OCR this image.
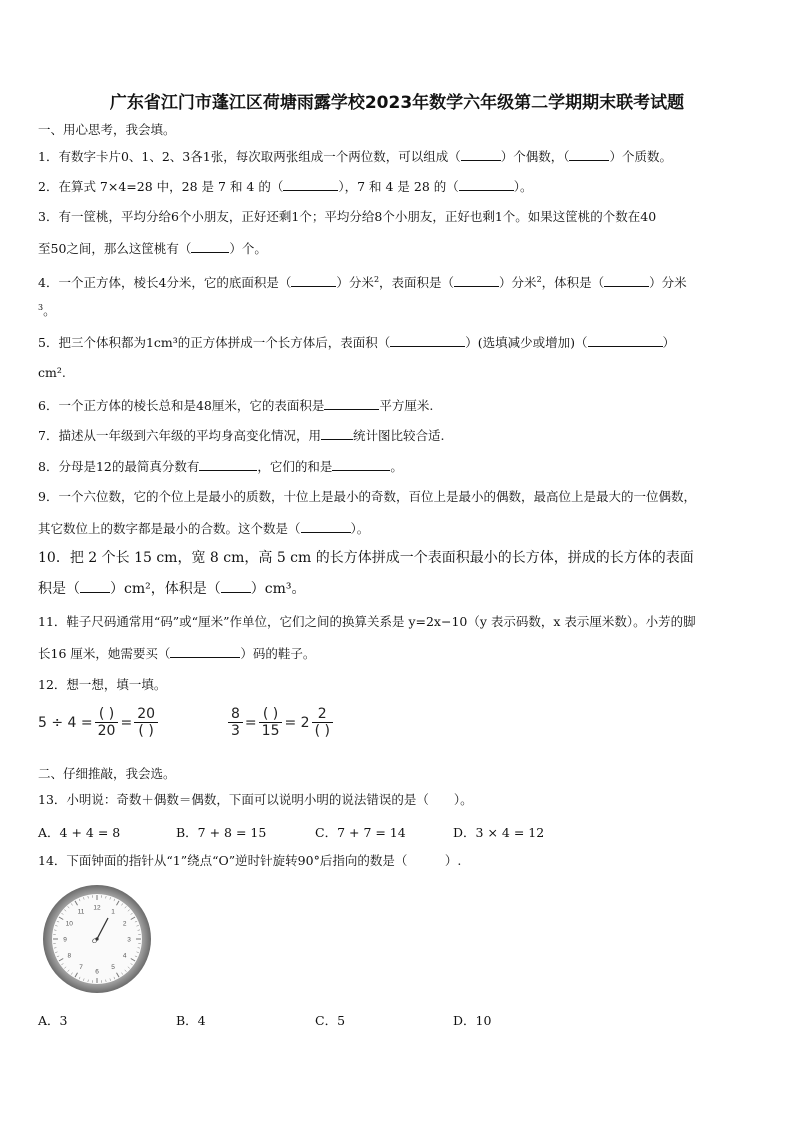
广东省江门市蓬江区荷塘雨露学校2023年数学六年级第二学期期末联考试题
一、用心思考，我会填。
1．有数字卡片0、1、2、3各1张，每次取两张组成一个两位数，可以组成（	）个偶数，（	）个质数。
2．在算式 7×4=28 中，28 是 7 和 4 的（	），7 和 4 是 28 的（	）。
3．有一筐桃，平均分给6个小朋友，正好还剩1个；平均分给8个小朋友，正好也剩1个。如果这筐桃的个数在40
至50之间，那么这筐桃有（	）个。
4．一个正方体，棱长4分米，它的底面积是（	）分米$^2$，表面积是（	）分米$^2$，体积是（	）分米
$^3$。
5．把三个体积都为1cm³的正方体拼成一个长方体后，表面积（	）(选填减少或增加)（	）
cm².
6．一个正方体的棱长总和是48厘米，它的表面积是	平方厘米.
7．描述从一年级到六年级的平均身高变化情况，用	统计图比较合适.
8．分母是12的最简真分数有	，它们的和是	。
9．一个六位数，它的个位上是最小的质数，十位上是最小的奇数，百位上是最小的偶数，最高位上是最大的一位偶数，
其它数位上的数字都是最小的合数。这个数是（	）。
10．把 2 个长 15 cm，宽 8 cm，高 5 cm 的长方体拼成一个表面积最小的长方体，拼成的长方体的表面
积是（ ）cm²，体积是（ ）cm³。
11．鞋子尺码通常用“码”或“厘米”作单位，它们之间的换算关系是 y=2x−10（y 表示码数，x 表示厘米数）。小芳的脚
长16 厘米，她需要买（	）码的鞋子。
12．想一想，填一填。
$5 \div 4 = \frac{( )}{20} = \frac{20}{( )}$	$\frac{8}{3} = \frac{( )}{15} = 2 \frac{2}{( )}$
二、仔细推敲，我会选。
13．小明说：奇数＋偶数＝偶数，下面可以说明小明的说法错误的是（　　）。
A．4 + 4 = 8	B．7 + 8 = 15	C．7 + 7 = 14	D．3 × 4 = 12
14．下面钟面的指针从“1”绕点“O”逆时针旋转90°后指向的数是（　　　）.
12
1
2
3
4
5
6
7
8
9
10
11
O
A．3	B．4	C．5	D．10
